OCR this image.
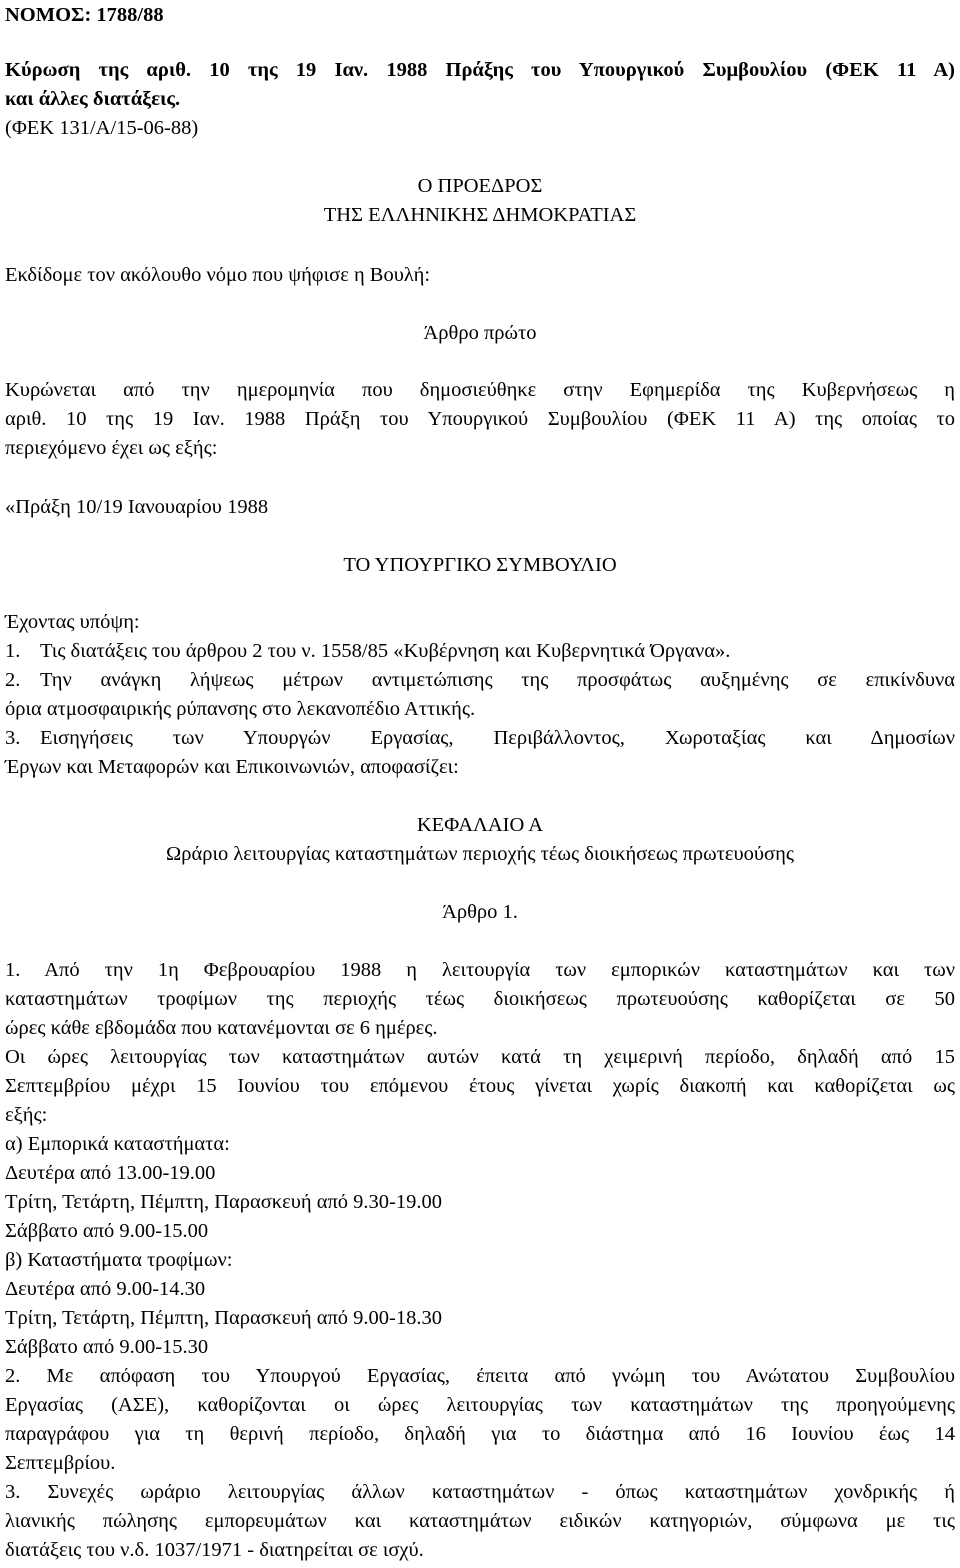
ΝΟΜΟΣ: 1788/88
Κύρωση της αριθ. 10 της 19 Ιαν. 1988 Πράξης του Υπουργικού Συμβουλίου (ΦΕΚ 11 Α)
και άλλες διατάξεις.
(ΦΕΚ 131/Α/15-06-88)
Ο ΠΡΟΕΔΡΟΣ
ΤΗΣ ΕΛΛΗΝΙΚΗΣ ΔΗΜΟΚΡΑΤΙΑΣ
Εκδίδομε τον ακόλουθο νόμο που ψήφισε η Βουλή:
Άρθρο πρώτο
Κυρώνεται από την ημερομηνία που δημοσιεύθηκε στην Εφημερίδα της Κυβερνήσεως η
αριθ. 10 της 19 Ιαν. 1988 Πράξη του Υπουργικού Συμβουλίου (ΦΕΚ 11 Α) της οποίας το
περιεχόμενο έχει ως εξής:
«Πράξη 10/19 Ιανουαρίου 1988
ΤΟ ΥΠΟΥΡΓΙΚΟ ΣΥΜΒΟΥΛΙΟ
Έχοντας υπόψη:
1. Τις διατάξεις του άρθρου 2 του ν. 1558/85 «Κυβέρνηση και Κυβερνητικά Όργανα».
2. Την ανάγκη λήψεως μέτρων αντιμετώπισης της προσφάτως αυξημένης σε επικίνδυνα
όρια ατμοσφαιρικής ρύπανσης στο λεκανοπέδιο Αττικής.
3. Εισηγήσεις των Υπουργών Εργασίας, Περιβάλλοντος, Χωροταξίας και Δημοσίων
Έργων και Μεταφορών και Επικοινωνιών, αποφασίζει:
ΚΕΦΑΛΑΙΟ Α
Ωράριο λειτουργίας καταστημάτων περιοχής τέως διοικήσεως πρωτευούσης
Άρθρο 1.
1. Από την 1η Φεβρουαρίου 1988 η λειτουργία των εμπορικών καταστημάτων και των
καταστημάτων τροφίμων της περιοχής τέως διοικήσεως πρωτευούσης καθορίζεται σε 50
ώρες κάθε εβδομάδα που κατανέμονται σε 6 ημέρες.
Οι ώρες λειτουργίας των καταστημάτων αυτών κατά τη χειμερινή περίοδο, δηλαδή από 15
Σεπτεμβρίου μέχρι 15 Ιουνίου του επόμενου έτους γίνεται χωρίς διακοπή και καθορίζεται ως
εξής:
α) Εμπορικά καταστήματα:
Δευτέρα από 13.00-19.00
Τρίτη, Τετάρτη, Πέμπτη, Παρασκευή από 9.30-19.00
Σάββατο από 9.00-15.00
β) Καταστήματα τροφίμων:
Δευτέρα από 9.00-14.30
Τρίτη, Τετάρτη, Πέμπτη, Παρασκευή από 9.00-18.30
Σάββατο από 9.00-15.30
2. Με απόφαση του Υπουργού Εργασίας, έπειτα από γνώμη του Ανώτατου Συμβουλίου
Εργασίας (ΑΣΕ), καθορίζονται οι ώρες λειτουργίας των καταστημάτων της προηγούμενης
παραγράφου για τη θερινή περίοδο, δηλαδή για το διάστημα από 16 Ιουνίου έως 14
Σεπτεμβρίου.
3. Συνεχές ωράριο λειτουργίας άλλων καταστημάτων - όπως καταστημάτων χονδρικής ή
λιανικής πώλησης εμπορευμάτων και καταστημάτων ειδικών κατηγοριών, σύμφωνα με τις
διατάξεις του ν.δ. 1037/1971 - διατηρείται σε ισχύ.
